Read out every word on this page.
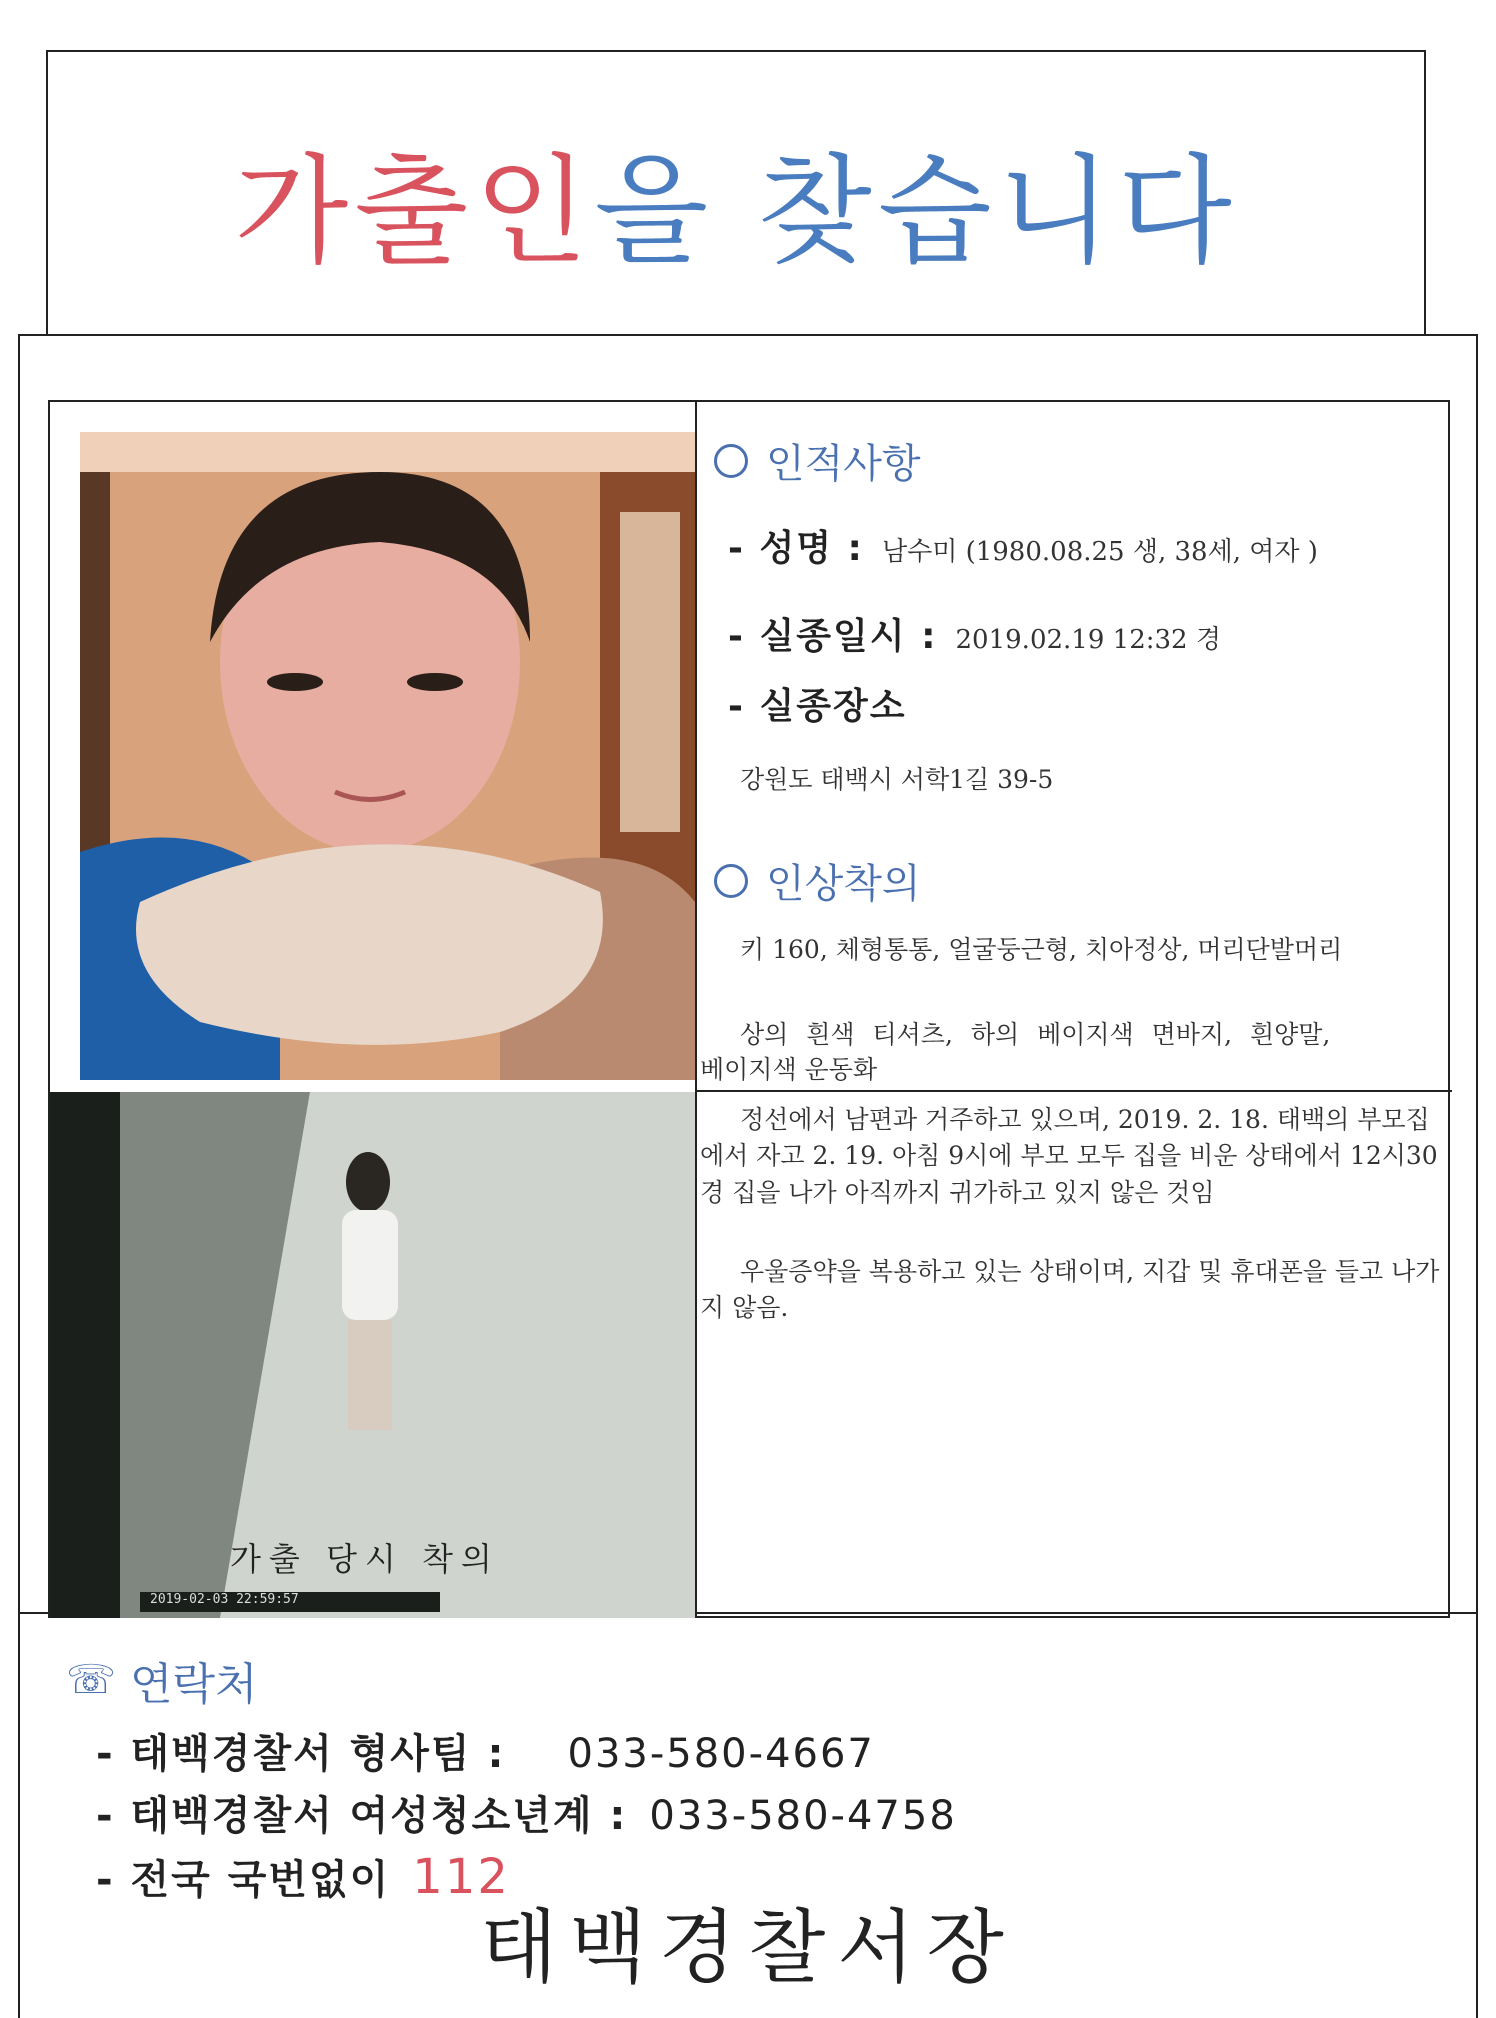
가출인을 찾습니다
2019-02-03 22:59:57
가출 당시 착의
인적사항
- 성명 : 남수미 (1980.08.25 생, 38세, 여자 )
- 실종일시 : 2019.02.19 12:32 경
- 실종장소
강원도 태백시 서학1길 39-5
인상착의
키 160, 체형통통, 얼굴둥근형, 치아정상, 머리단발머리
상의 흰색 티셔츠, 하의 베이지색 면바지, 흰양말,
베이지색 운동화
정선에서 남편과 거주하고 있으며, 2019. 2. 18. 태백의 부모집에서 자고 2. 19. 아침 9시에 부모 모두 집을 비운 상태에서 12시30경 집을 나가 아직까지 귀가하고 있지 않은 것임
우울증약을 복용하고 있는 상태이며, 지갑 및 휴대폰을 들고 나가지 않음.
☏ 연락처
- 태백경찰서 형사팀 : 033-580-4667
- 태백경찰서 여성청소년계 : 033-580-4758
- 전국 국번없이 112
태백경찰서장
